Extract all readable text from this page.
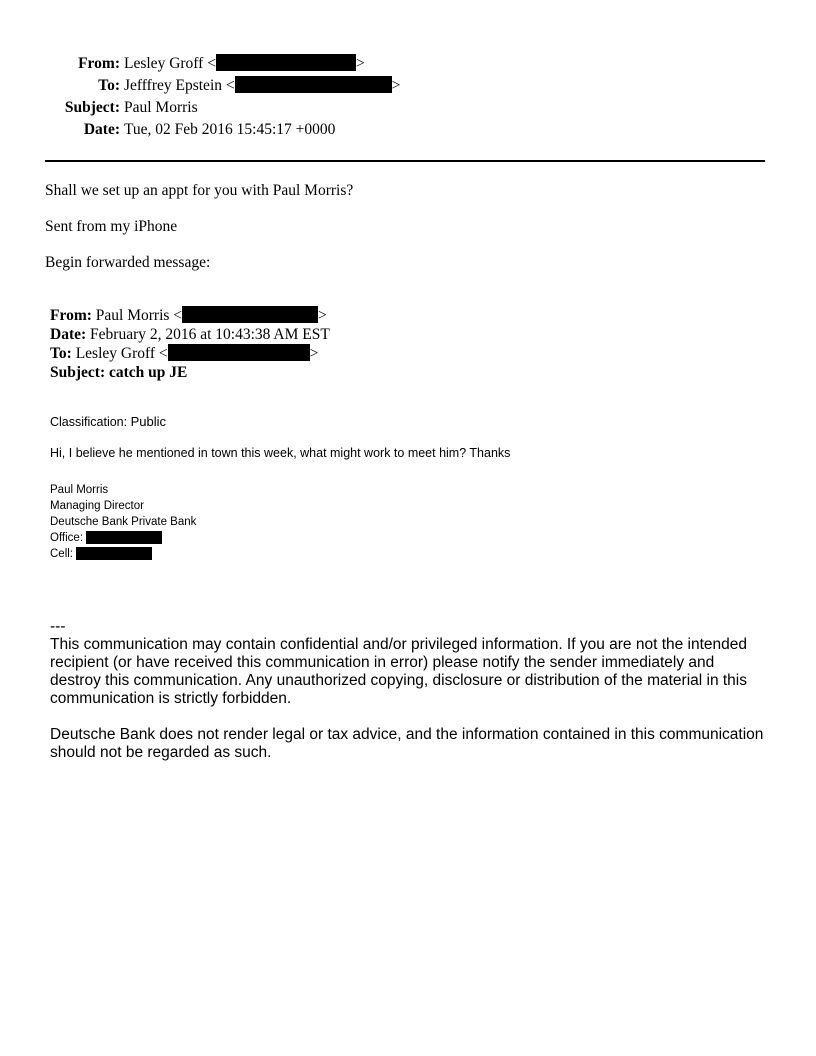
From: Lesley Groff <	>
To: Jefffrey Epstein <	>
Subject: Paul Morris
Date: Tue, 02 Feb 2016 15:45:17 +0000
Shall we set up an appt for you with Paul Morris?
Sent from my iPhone
Begin forwarded message:
From: Paul Morris <	>
Date: February 2, 2016 at 10:43:38 AM EST
To: Lesley Groff <	>
Subject: catch up JE
Classification: Public
Hi, I believe he mentioned in town this week, what might work to meet him? Thanks
Paul Morris
Managing Director
Deutsche Bank Private Bank
Office:
Cell:

---

This communication may contain confidential and/or privileged information. If you are not the intended recipient (or have received this communication in error) please notify the sender immediately and destroy this communication. Any unauthorized copying, disclosure or distribution of the material in this communication is strictly forbidden.

Deutsche Bank does not render legal or tax advice, and the information contained in this communication should not be regarded as such.
